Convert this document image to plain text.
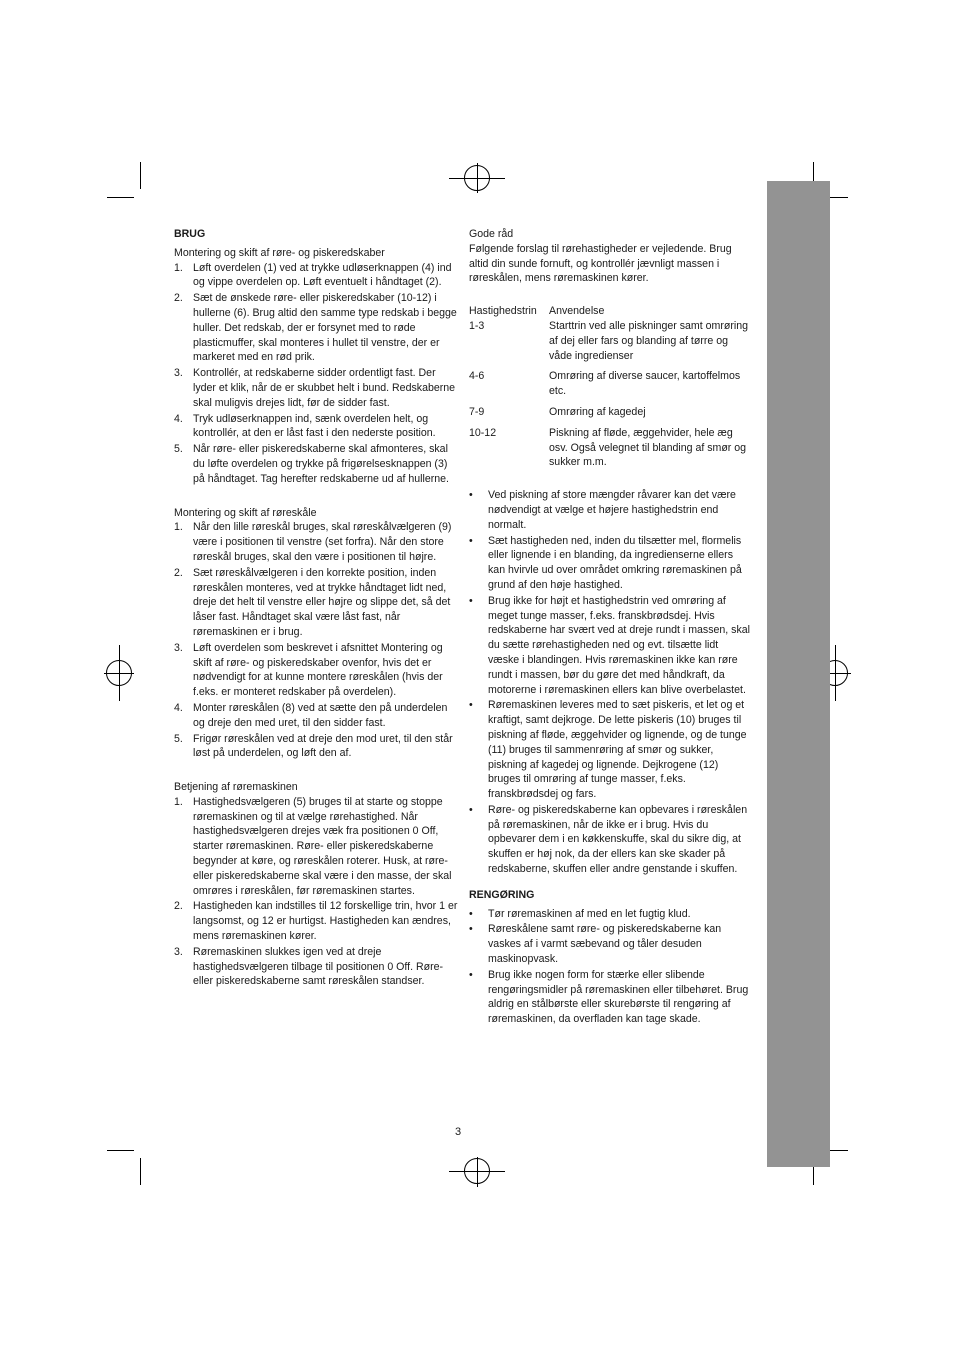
BRUG

Montering og skift af røre- og piskeredskaber

1. Løft overdelen (1) ved at trykke udløserknappen (4) ind og vippe overdelen op. Løft eventuelt i håndtaget (2).
2. Sæt de ønskede røre- eller piskeredskaber (10-12) i hullerne (6). Brug altid den samme type redskab i begge huller. Det redskab, der er forsynet med to røde plasticmuffer, skal monteres i hullet til venstre, der er markeret med en rød prik.
3. Kontrollér, at redskaberne sidder ordentligt fast. Der lyder et klik, når de er skubbet helt i bund. Redskaberne skal muligvis drejes lidt, før de sidder fast.
4. Tryk udløserknappen ind, sænk overdelen helt, og kontrollér, at den er låst fast i den nederste position.
5. Når røre- eller piskeredskaberne skal afmonteres, skal du løfte overdelen og trykke på frigørelsesknappen (3) på håndtaget. Tag herefter redskaberne ud af hullerne.

Montering og skift af røreskåle

1. Når den lille røreskål bruges, skal røreskålvælgeren (9) være i positionen til venstre (set forfra). Når den store røreskål bruges, skal den være i positionen til højre.
2. Sæt røreskålvælgeren i den korrekte position, inden røreskålen monteres, ved at trykke håndtaget lidt ned, dreje det helt til venstre eller højre og slippe det, så det låser fast. Håndtaget skal være låst fast, når røremaskinen er i brug.
3. Løft overdelen som beskrevet i afsnittet Montering og skift af røre- og piskeredskaber ovenfor, hvis det er nødvendigt for at kunne montere røreskålen (hvis der f.eks. er monteret redskaber på overdelen).
4. Monter røreskålen (8) ved at sætte den på underdelen og dreje den med uret, til den sidder fast.
5. Frigør røreskålen ved at dreje den mod uret, til den står løst på underdelen, og løft den af.

Betjening af røremaskinen

1. Hastighedsvælgeren (5) bruges til at starte og stoppe røremaskinen og til at vælge rørehastighed. Når hastighedsvælgeren drejes væk fra positionen 0 Off, starter røremaskinen. Røre- eller piskeredskaberne begynder at køre, og røreskålen roterer. Husk, at røre- eller piskeredskaberne skal være i den masse, der skal omrøres i røreskålen, før røremaskinen startes.
2. Hastigheden kan indstilles til 12 forskellige trin, hvor 1 er langsomst, og 12 er hurtigst. Hastigheden kan ændres, mens røremaskinen kører.
3. Røremaskinen slukkes igen ved at dreje hastighedsvælgeren tilbage til positionen 0 Off. Røre- eller piskeredskaberne samt røreskålen standser.

Gode råd

Følgende forslag til rørehastigheder er vejledende. Brug altid din sunde fornuft, og kontrollér jævnligt massen i røreskålen, mens røremaskinen kører.

Hastighedstrin	Anvendelse
1-3	Starttrin ved alle piskninger samt omrøring af dej eller fars og blanding af tørre og våde ingredienser
4-6	Omrøring af diverse saucer, kartoffelmos etc.
7-9	Omrøring af kagedej
10-12	Piskning af fløde, æggehvider, hele æg osv. Også velegnet til blanding af smør og sukker m.m.
• Ved piskning af store mængder råvarer kan det være nødvendigt at vælge et højere hastighedstrin end normalt.
• Sæt hastigheden ned, inden du tilsætter mel, flormelis eller lignende i en blanding, da ingredienserne ellers kan hvirvle ud over området omkring røremaskinen på grund af den høje hastighed.
• Brug ikke for højt et hastighedstrin ved omrøring af meget tunge masser, f.eks. franskbrødsdej. Hvis redskaberne har svært ved at dreje rundt i massen, skal du sætte rørehastigheden ned og evt. tilsætte lidt væske i blandingen. Hvis røremaskinen ikke kan røre rundt i massen, bør du gøre det med håndkraft, da motorerne i røremaskinen ellers kan blive overbelastet.
• Røremaskinen leveres med to sæt piskeris, et let og et kraftigt, samt dejkroge. De lette piskeris (10) bruges til piskning af fløde, æggehvider og lignende, og de tunge (11) bruges til sammenrøring af smør og sukker, piskning af kagedej og lignende. Dejkrogene (12) bruges til omrøring af tunge masser, f.eks. franskbrødsdej og fars.
• Røre- og piskeredskaberne kan opbevares i røreskålen på røremaskinen, når de ikke er i brug. Hvis du opbevarer dem i en køkkenskuffe, skal du sikre dig, at skuffen er høj nok, da der ellers kan ske skader på redskaberne, skuffen eller andre genstande i skuffen.

RENGØRING

• Tør røremaskinen af med en let fugtig klud.
• Røreskålene samt røre- og piskeredskaberne kan vaskes af i varmt sæbevand og tåler desuden maskinopvask.
• Brug ikke nogen form for stærke eller slibende rengøringsmidler på røremaskinen eller tilbehøret. Brug aldrig en stålbørste eller skurebørste til rengøring af røremaskinen, da overfladen kan tage skade.
3
